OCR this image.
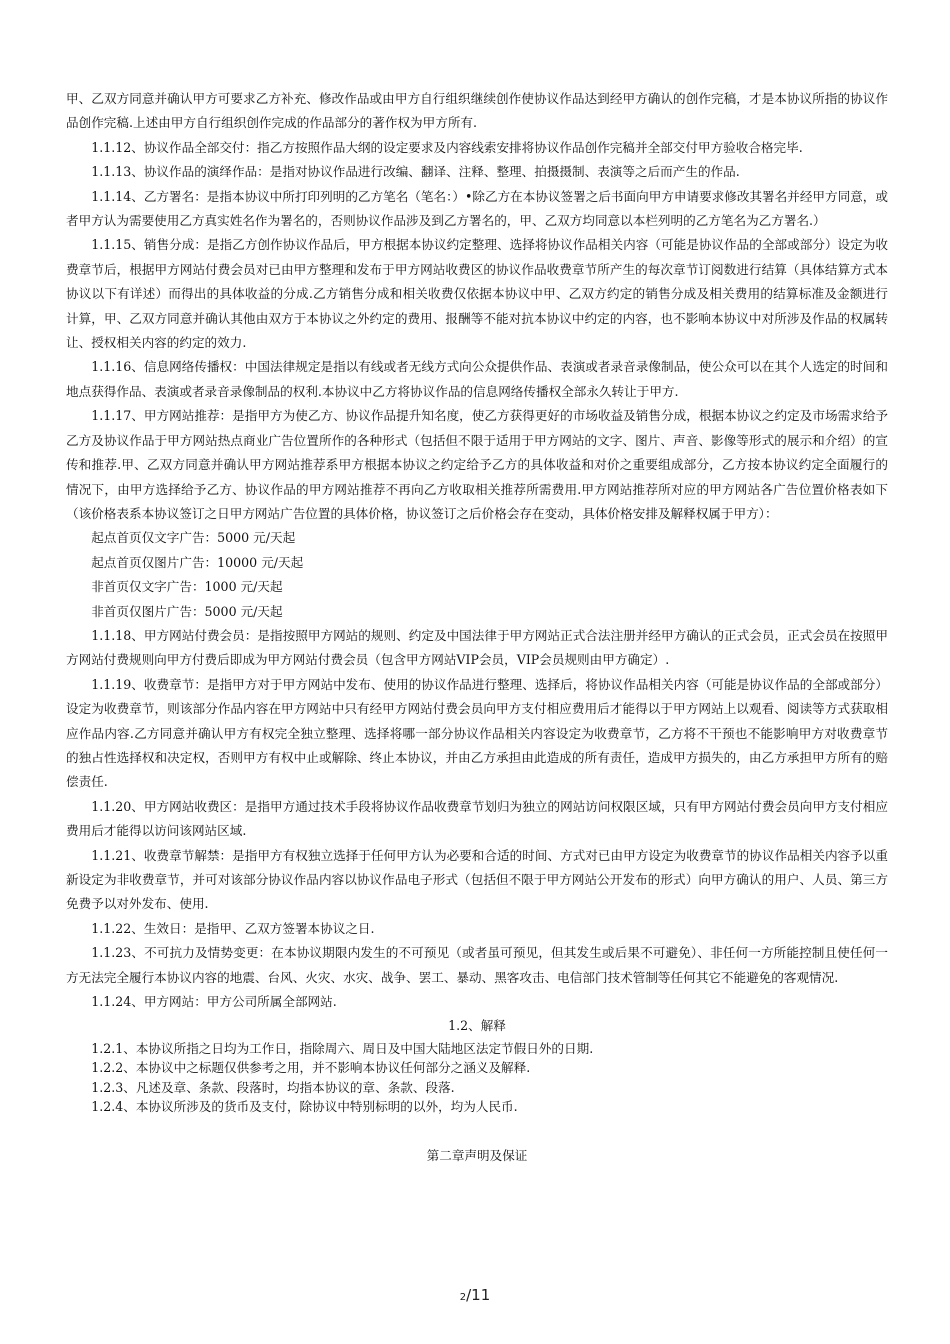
甲、乙双方同意并确认甲方可要求乙方补充、修改作品或由甲方自行组织继续创作使协议作品达到经甲方确认的创作完稿，才是本协议所指的协议作品创作完稿.上述由甲方自行组织创作完成的作品部分的著作权为甲方所有.

1.1.12、协议作品全部交付：指乙方按照作品大纲的设定要求及内容线索安排将协议作品创作完稿并全部交付甲方验收合格完毕.

1.1.13、协议作品的演绎作品：是指对协议作品进行改编、翻译、注释、整理、拍摄摄制、表演等之后而产生的作品.

1.1.14、乙方署名：是指本协议中所打印列明的乙方笔名（笔名：）•除乙方在本协议签署之后书面向甲方申请要求修改其署名并经甲方同意，或者甲方认为需要使用乙方真实姓名作为署名的，否则协议作品涉及到乙方署名的，甲、乙双方均同意以本栏列明的乙方笔名为乙方署名.）

1.1.15、销售分成：是指乙方创作协议作品后，甲方根据本协议约定整理、选择将协议作品相关内容（可能是协议作品的全部或部分）设定为收费章节后，根据甲方网站付费会员对已由甲方整理和发布于甲方网站收费区的协议作品收费章节所产生的每次章节订阅数进行结算（具体结算方式本协议以下有详述）而得出的具体收益的分成.乙方销售分成和相关收费仅依据本协议中甲、乙双方约定的销售分成及相关费用的结算标准及金额进行计算，甲、乙双方同意并确认其他由双方于本协议之外约定的费用、报酬等不能对抗本协议中约定的内容，也不影响本协议中对所涉及作品的权属转让、授权相关内容的约定的效力.

1.1.16、信息网络传播权：中国法律规定是指以有线或者无线方式向公众提供作品、表演或者录音录像制品，使公众可以在其个人选定的时间和地点获得作品、表演或者录音录像制品的权利.本协议中乙方将协议作品的信息网络传播权全部永久转让于甲方.

1.1.17、甲方网站推荐：是指甲方为使乙方、协议作品提升知名度，使乙方获得更好的市场收益及销售分成，根据本协议之约定及市场需求给予乙方及协议作品于甲方网站热点商业广告位置所作的各种形式（包括但不限于适用于甲方网站的文字、图片、声音、影像等形式的展示和介绍）的宣传和推荐.甲、乙双方同意并确认甲方网站推荐系甲方根据本协议之约定给予乙方的具体收益和对价之重要组成部分，乙方按本协议约定全面履行的情况下，由甲方选择给予乙方、协议作品的甲方网站推荐不再向乙方收取相关推荐所需费用.甲方网站推荐所对应的甲方网站各广告位置价格表如下（该价格表系本协议签订之日甲方网站广告位置的具体价格，协议签订之后价格会存在变动，具体价格安排及解释权属于甲方）：

起点首页仅文字广告：5000 元/天起

起点首页仅图片广告：10000 元/天起

非首页仅文字广告：1000 元/天起

非首页仅图片广告：5000 元/天起

1.1.18、甲方网站付费会员：是指按照甲方网站的规则、约定及中国法律于甲方网站正式合法注册并经甲方确认的正式会员，正式会员在按照甲方网站付费规则向甲方付费后即成为甲方网站付费会员（包含甲方网站VIP会员，VIP会员规则由甲方确定）.

1.1.19、收费章节：是指甲方对于甲方网站中发布、使用的协议作品进行整理、选择后，将协议作品相关内容（可能是协议作品的全部或部分）设定为收费章节，则该部分作品内容在甲方网站中只有经甲方网站付费会员向甲方支付相应费用后才能得以于甲方网站上以观看、阅读等方式获取相应作品内容.乙方同意并确认甲方有权完全独立整理、选择将哪一部分协议作品相关内容设定为收费章节，乙方将不干预也不能影响甲方对收费章节的独占性选择权和决定权，否则甲方有权中止或解除、终止本协议，并由乙方承担由此造成的所有责任，造成甲方损失的，由乙方承担甲方所有的赔偿责任.

1.1.20、甲方网站收费区：是指甲方通过技术手段将协议作品收费章节划归为独立的网站访问权限区域，只有甲方网站付费会员向甲方支付相应费用后才能得以访问该网站区域.

1.1.21、收费章节解禁：是指甲方有权独立选择于任何甲方认为必要和合适的时间、方式对已由甲方设定为收费章节的协议作品相关内容予以重新设定为非收费章节，并可对该部分协议作品内容以协议作品电子形式（包括但不限于甲方网站公开发布的形式）向甲方确认的用户、人员、第三方免费予以对外发布、使用.

1.1.22、生效日：是指甲、乙双方签署本协议之日.

1.1.23、不可抗力及情势变更：在本协议期限内发生的不可预见（或者虽可预见，但其发生或后果不可避免）、非任何一方所能控制且使任何一方无法完全履行本协议内容的地震、台风、火灾、水灾、战争、罢工、暴动、黑客攻击、电信部门技术管制等任何其它不能避免的客观情况.

1.1.24、甲方网站：甲方公司所属全部网站.

1.2、解释

1.2.1、本协议所指之日均为工作日，指除周六、周日及中国大陆地区法定节假日外的日期.

1.2.2、本协议中之标题仅供参考之用，并不影响本协议任何部分之涵义及解释.

1.2.3、凡述及章、条款、段落时，均指本协议的章、条款、段落.

1.2.4、本协议所涉及的货币及支付，除协议中特别标明的以外，均为人民币.

第二章声明及保证

2/11
